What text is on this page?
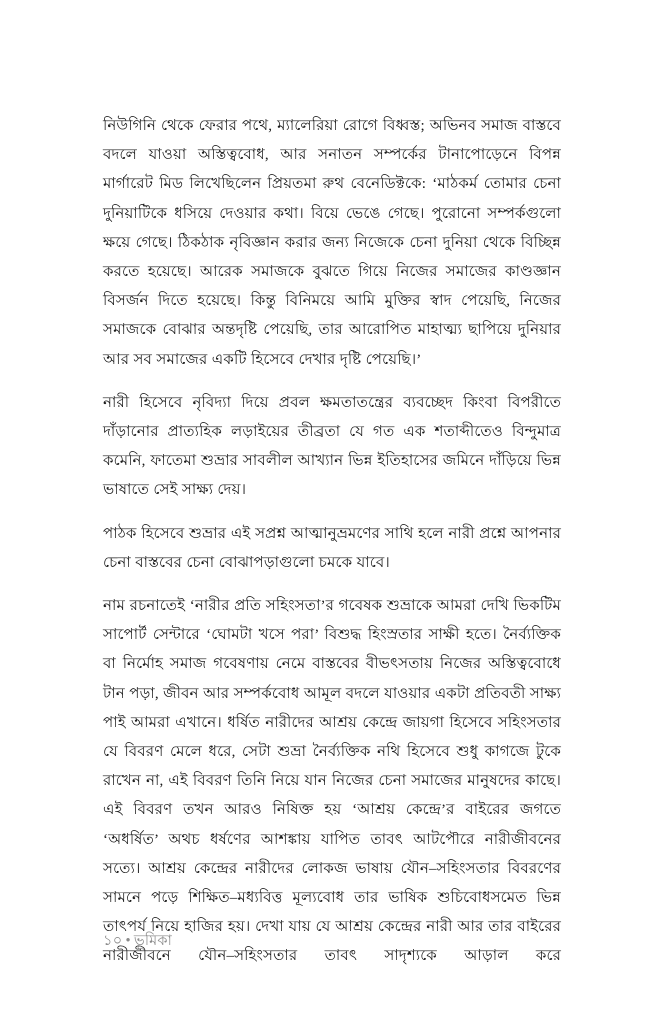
নিউগিনি থেকে ফেরার পথে, ম্যালেরিয়া রোগে বিধ্বস্ত; অভিনব সমাজ বাস্তবে বদলে যাওয়া অস্তিত্ববোধ, আর সনাতন সম্পর্কের টানাপোড়েনে বিপন্ন মার্গারেট মিড লিখেছিলেন প্রিয়তমা রুথ বেনেডিক্টকে: ‘মাঠকর্ম তোমার চেনা দুনিয়াটিকে ধসিয়ে দেওয়ার কথা। বিয়ে ভেঙে গেছে। পুরোনো সম্পর্কগুলো ক্ষয়ে গেছে। ঠিকঠাক নৃবিজ্ঞান করার জন্য নিজেকে চেনা দুনিয়া থেকে বিচ্ছিন্ন করতে হয়েছে। আরেক সমাজকে বুঝতে গিয়ে নিজের সমাজের কাণ্ডজ্ঞান বিসর্জন দিতে হয়েছে। কিন্তু বিনিময়ে আমি মুক্তির স্বাদ পেয়েছি, নিজের সমাজকে বোঝার অন্তদৃষ্টি পেয়েছি, তার আরোপিত মাহাত্ম্য ছাপিয়ে দুনিয়ার আর সব সমাজের একটি হিসেবে দেখার দৃষ্টি পেয়েছি।’

নারী হিসেবে নৃবিদ্যা দিয়ে প্রবল ক্ষমতাতন্ত্রের ব্যবচ্ছেদ কিংবা বিপরীতে দাঁড়ানোর প্রাত্যহিক লড়াইয়ের তীব্রতা যে গত এক শতাব্দীতেও বিন্দুমাত্র কমেনি, ফাতেমা শুভ্রার সাবলীল আখ্যান ভিন্ন ইতিহাসের জমিনে দাঁড়িয়ে ভিন্ন ভাষাতে সেই সাক্ষ্য দেয়।

পাঠক হিসেবে শুভ্রার এই সপ্রশ্ন আত্মানুভ্রমণের সাথি হলে নারী প্রশ্নে আপনার চেনা বাস্তবের চেনা বোঝাপড়াগুলো চমকে যাবে।

নাম রচনাতেই ‘নারীর প্রতি সহিংসতা’র গবেষক শুভ্রাকে আমরা দেখি ভিকটিম সাপোর্ট সেন্টারে ‘ঘোমটা খসে পরা’ বিশুদ্ধ হিংস্রতার সাক্ষী হতে। নৈর্ব্যক্তিক বা নির্মোহ সমাজ গবেষণায় নেমে বাস্তবের বীভৎসতায় নিজের অস্তিত্ববোধে টান পড়া, জীবন আর সম্পর্কবোধ আমূল বদলে যাওয়ার একটা প্রতিবতী সাক্ষ্য পাই আমরা এখানে। ধর্ষিত নারীদের আশ্রয় কেন্দ্রে জায়গা হিসেবে সহিংসতার যে বিবরণ মেলে ধরে, সেটা শুভ্রা নৈর্ব্যক্তিক নথি হিসেবে শুধু কাগজে টুকে রাখেন না, এই বিবরণ তিনি নিয়ে যান নিজের চেনা সমাজের মানুষদের কাছে। এই বিবরণ তখন আরও নিষিক্ত হয় ‘আশ্রয় কেন্দ্রে’র বাইরের জগতে ‘অধর্ষিত’ অথচ ধর্ষণের আশঙ্কায় যাপিত তাবৎ আটপৌরে নারীজীবনের সত্যে। আশ্রয় কেন্দ্রের নারীদের লোকজ ভাষায় যৌন–সহিংসতার বিবরণের সামনে পড়ে শিক্ষিত–মধ্যবিত্ত মূল্যবোধ তার ভাষিক শুচিবোধসমেত ভিন্ন তাৎপর্য নিয়ে হাজির হয়। দেখা যায় যে আশ্রয় কেন্দ্রের নারী আর তার বাইরের নারীজীবনে যৌন–সহিংসতার তাবৎ সাদৃশ্যকে আড়াল করে

১০ • ভূমিকা
